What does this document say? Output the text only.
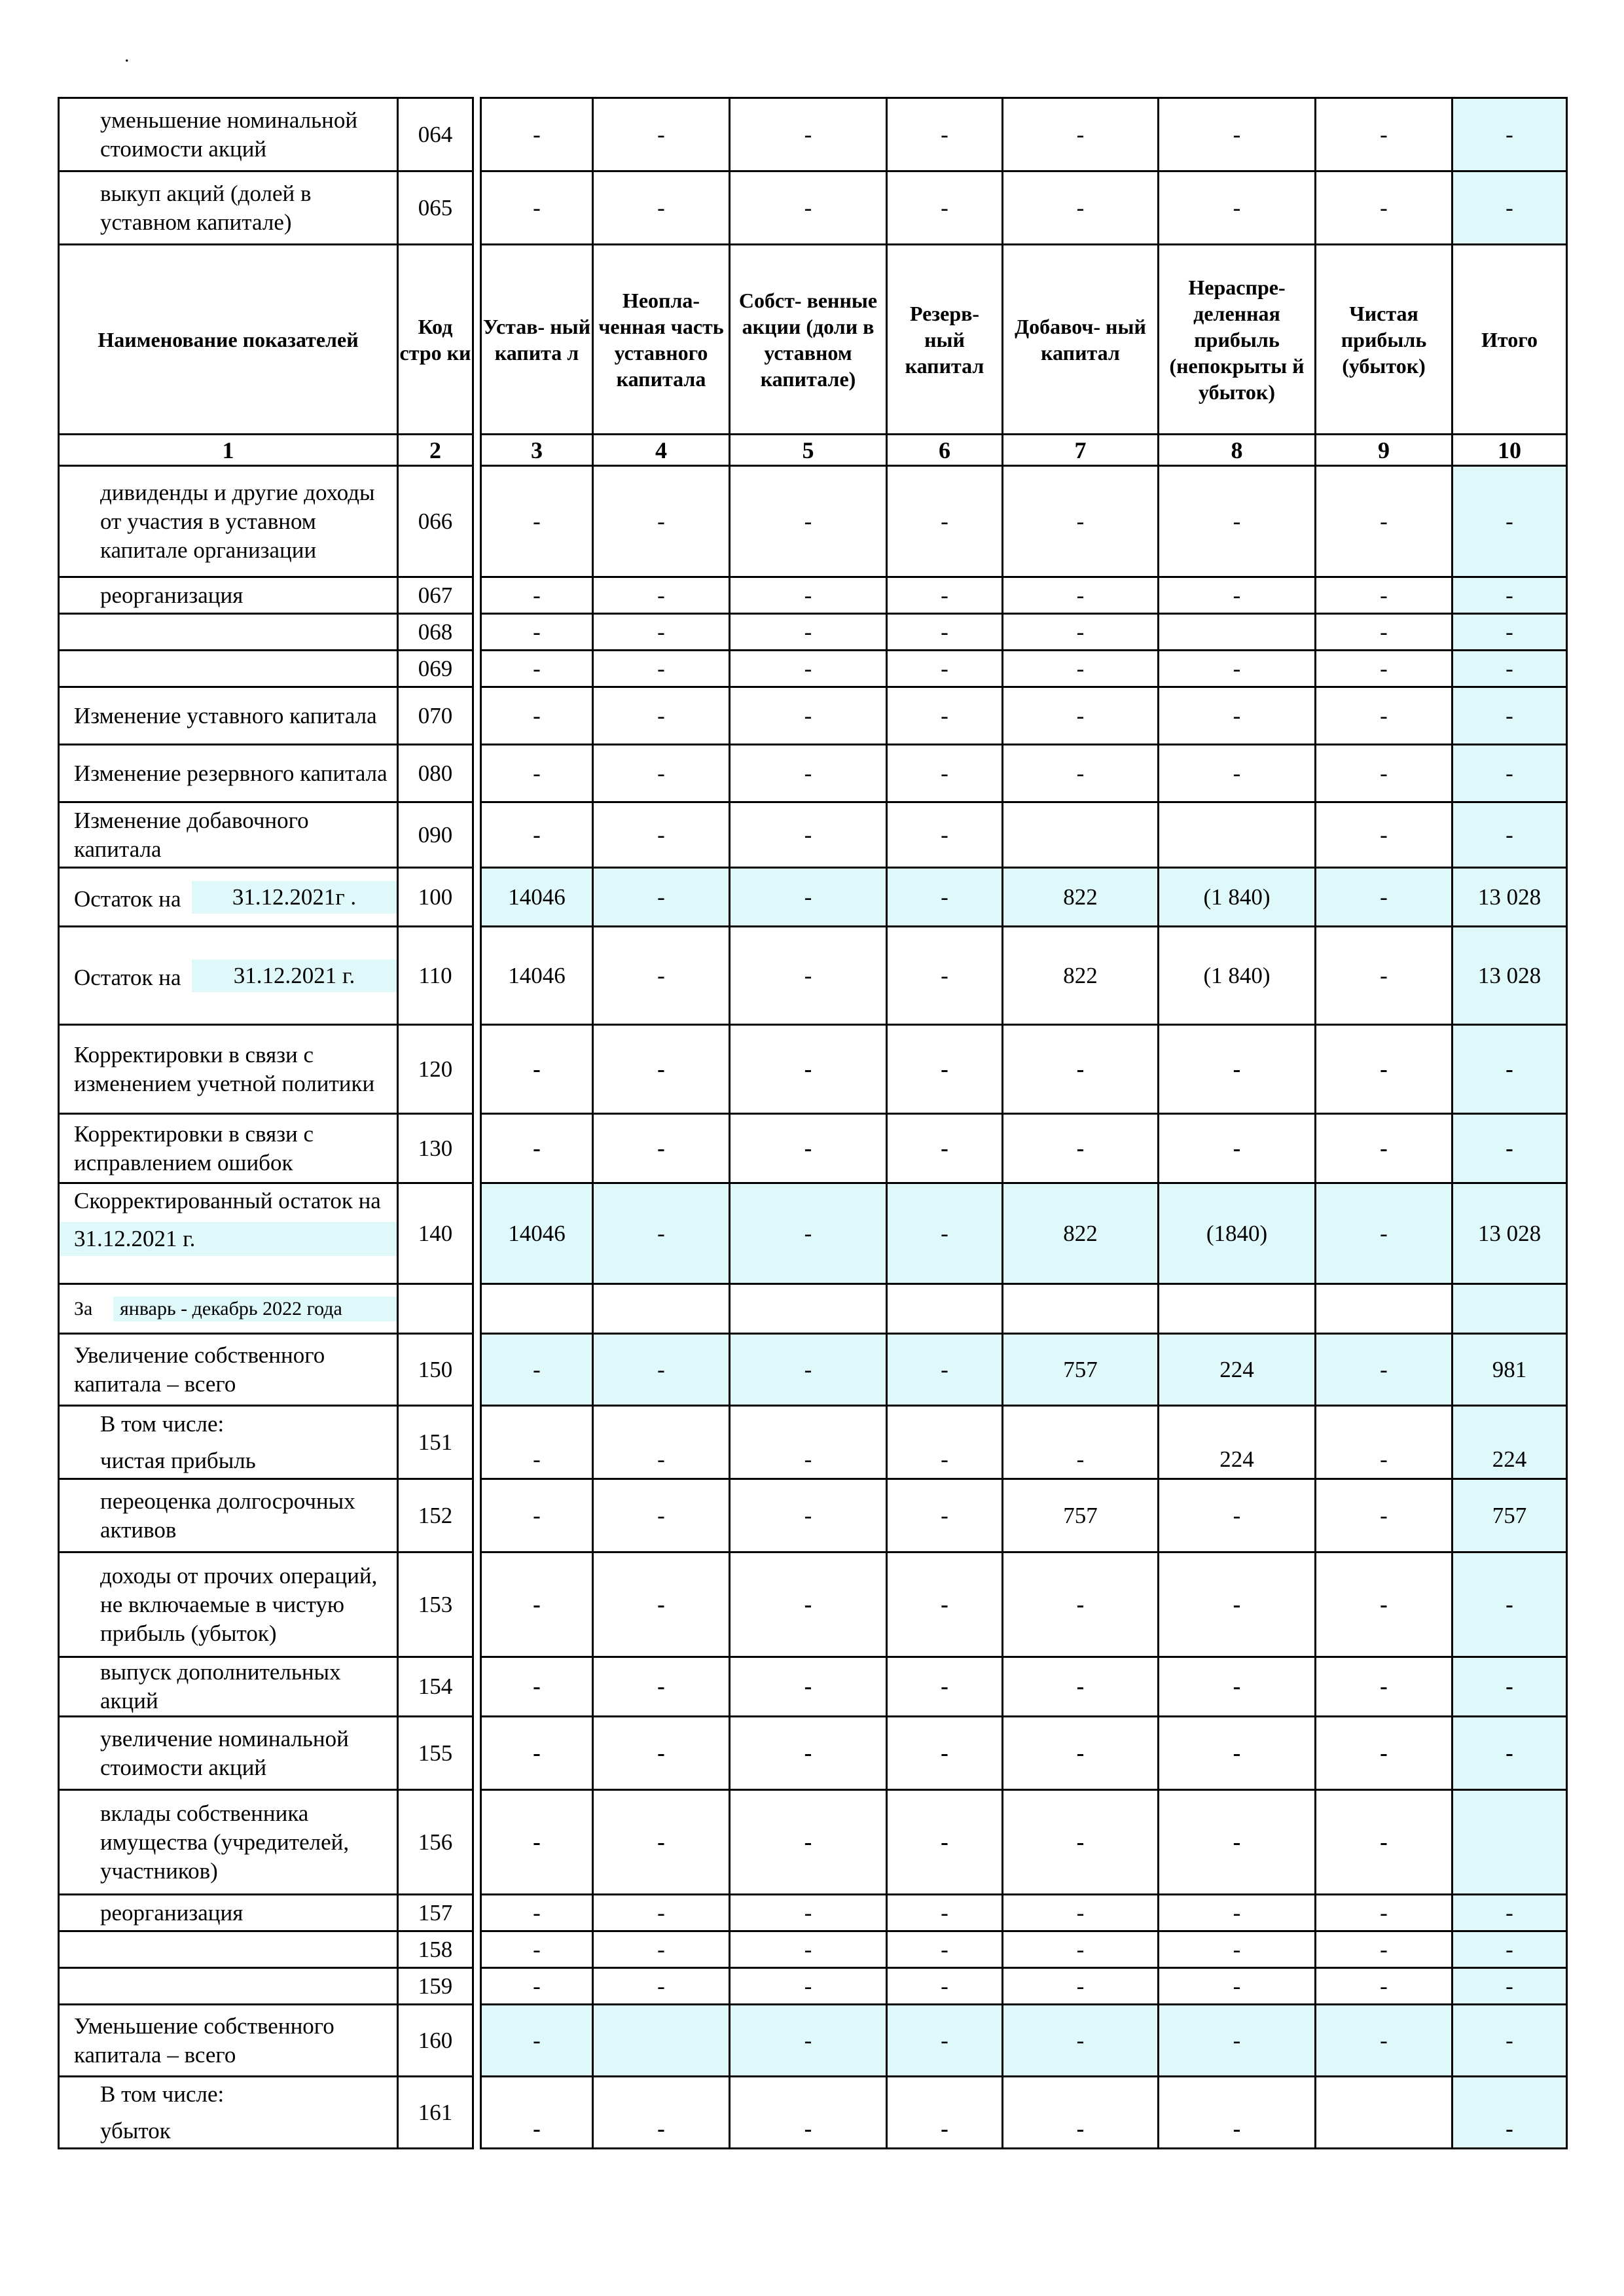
.
уменьшение номинальной стоимости акций	064		-	-	-	-	-	-	-	-
выкуп акций (долей в уставном капитале)	065		-	-	-	-	-	-	-	-
Наименование показателей	Код стро ки		Устав- ный капита л	Неопла- ченная часть уставного капитала	Собст- венные акции (доли в уставном капитале)	Резерв- ный капитал	Добавоч- ный капитал	Нераспре- деленная прибыль (непокрыты й убыток)	Чистая прибыль (убыток)	Итого
1	2		3	4	5	6	7	8	9	10
дивиденды и другие доходы от участия в уставном капитале организации	066		-	-	-	-	-	-	-	-
реорганизация	067		-	-	-	-	-	-	-	-
	068		-	-	-	-	-		-	-
	069		-	-	-	-	-	-	-	-
Изменение уставного капитала	070		-	-	-	-	-	-	-	-
Изменение резервного капитала	080		-	-	-	-	-	-	-	-
Изменение добавочного капитала	090		-	-	-	-			-	-

Остаток на 31.12.2021г .	100		14046	-	-	-	822	(1 840)	-	13 028

Остаток на 31.12.2021 г.	110		14046	-	-	-	822	(1 840)	-	13 028
Корректировки в связи с изменением учетной политики	120		-	-	-	-	-	-	-	-
Корректировки в связи с исправлением ошибок	130		-	-	-	-	-	-	-	-

Скорректированный остаток на
31.12.2021 г.	140		14046	-	-	-	822	(1840)	-	13 028

За январь - декабрь 2022 года										

Увеличение собственного капитала – всего	150		-	-	-	-	757	224	-	981

В том числе:
чистая прибыль	151		-	-	-	-	-	224	-	224
переоценка долгосрочных активов	152		-	-	-	-	757	-	-	757
доходы от прочих операций, не включаемые в чистую прибыль (убыток)	153		-	-	-	-	-	-	-	-
выпуск дополнительных акций	154		-	-	-	-	-	-	-	-
увеличение номинальной стоимости акций	155		-	-	-	-	-	-	-	-
вклады собственника имущества (учредителей, участников)	156		-	-	-	-	-	-	-	
реорганизация	157		-	-	-	-	-	-	-	-
	158		-	-	-	-	-	-	-	-
	159		-	-	-	-	-	-	-	-
Уменьшение собственного капитала – всего	160		-		-	-	-	-	-	-

В том числе:
убыток	161		-	-	-	-	-	-		-
